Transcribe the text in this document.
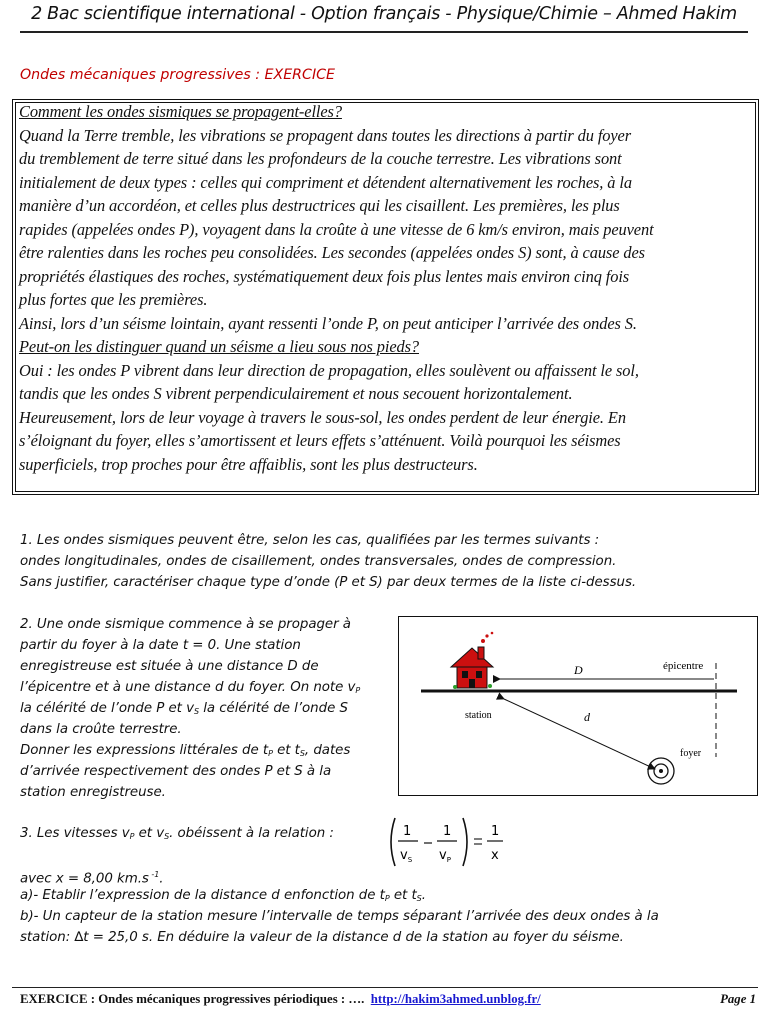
2 Bac scientifique international - Option français - Physique/Chimie – Ahmed Hakim
Ondes mécaniques progressives : EXERCICE
Comment les ondes sismiques se propagent-elles?
Quand la Terre tremble, les vibrations se propagent dans toutes les directions à partir du foyer
du tremblement de terre situé dans les profondeurs de la couche terrestre. Les vibrations sont
initialement de deux types : celles qui compriment et détendent alternativement les roches, à la
manière d’un accordéon, et celles plus destructrices qui les cisaillent. Les premières, les plus
rapides (appelées ondes P), voyagent dans la croûte à une vitesse de 6 km/s environ, mais peuvent
être ralenties dans les roches peu consolidées. Les secondes (appelées ondes S) sont, à cause des
propriétés élastiques des roches, systématiquement deux fois plus lentes mais environ cinq fois
plus fortes que les premières.
Ainsi, lors d’un séisme lointain, ayant ressenti l’onde P, on peut anticiper l’arrivée des ondes S.
Peut-on les distinguer quand un séisme a lieu sous nos pieds?
Oui : les ondes P vibrent dans leur direction de propagation, elles soulèvent ou affaissent le sol,
tandis que les ondes S vibrent perpendiculairement et nous secouent horizontalement.
Heureusement, lors de leur voyage à travers le sous-sol, les ondes perdent de leur énergie. En
s’éloignant du foyer, elles s’amortissent et leurs effets s’atténuent. Voilà pourquoi les séismes
superficiels, trop proches pour être affaiblis, sont les plus destructeurs.
1. Les ondes sismiques peuvent être, selon les cas, qualifiées par les termes suivants :
ondes longitudinales, ondes de cisaillement, ondes transversales, ondes de compression.
Sans justifier, caractériser chaque type d’onde (P et S) par deux termes de la liste ci-dessus.
2. Une onde sismique commence à se propager à
partir du foyer à la date t = 0. Une station
enregistreuse est située à une distance D de
l’épicentre et à une distance d du foyer. On note $v_P$
la célérité de l’onde P et $v_S$ la célérité de l’onde S
dans la croûte terrestre.
Donner les expressions littérales de $t_P$ et $t_S$, dates
d’arrivée respectivement des ondes P et S à la
station enregistreuse.
épicentre
D
d
station
foyer
3. Les vitesses $v_P$ et $v_S$. obéissent à la relation :	1
$v_S$
1
$v_P$
1
x
avec x = 8,00 km.s $^{-1}$.
a)- Etablir l’expression de la distance d enfonction de $t_P$ et $t_S$.
b)- Un capteur de la station mesure l’intervalle de temps séparant l’arrivée des deux ondes à la
station: ∆t = 25,0 s. En déduire la valeur de la distance d de la station au foyer du séisme.
EXERCICE : Ondes mécaniques progressives périodiques : ….  http://hakim3ahmed.unblog.fr/	Page 1
